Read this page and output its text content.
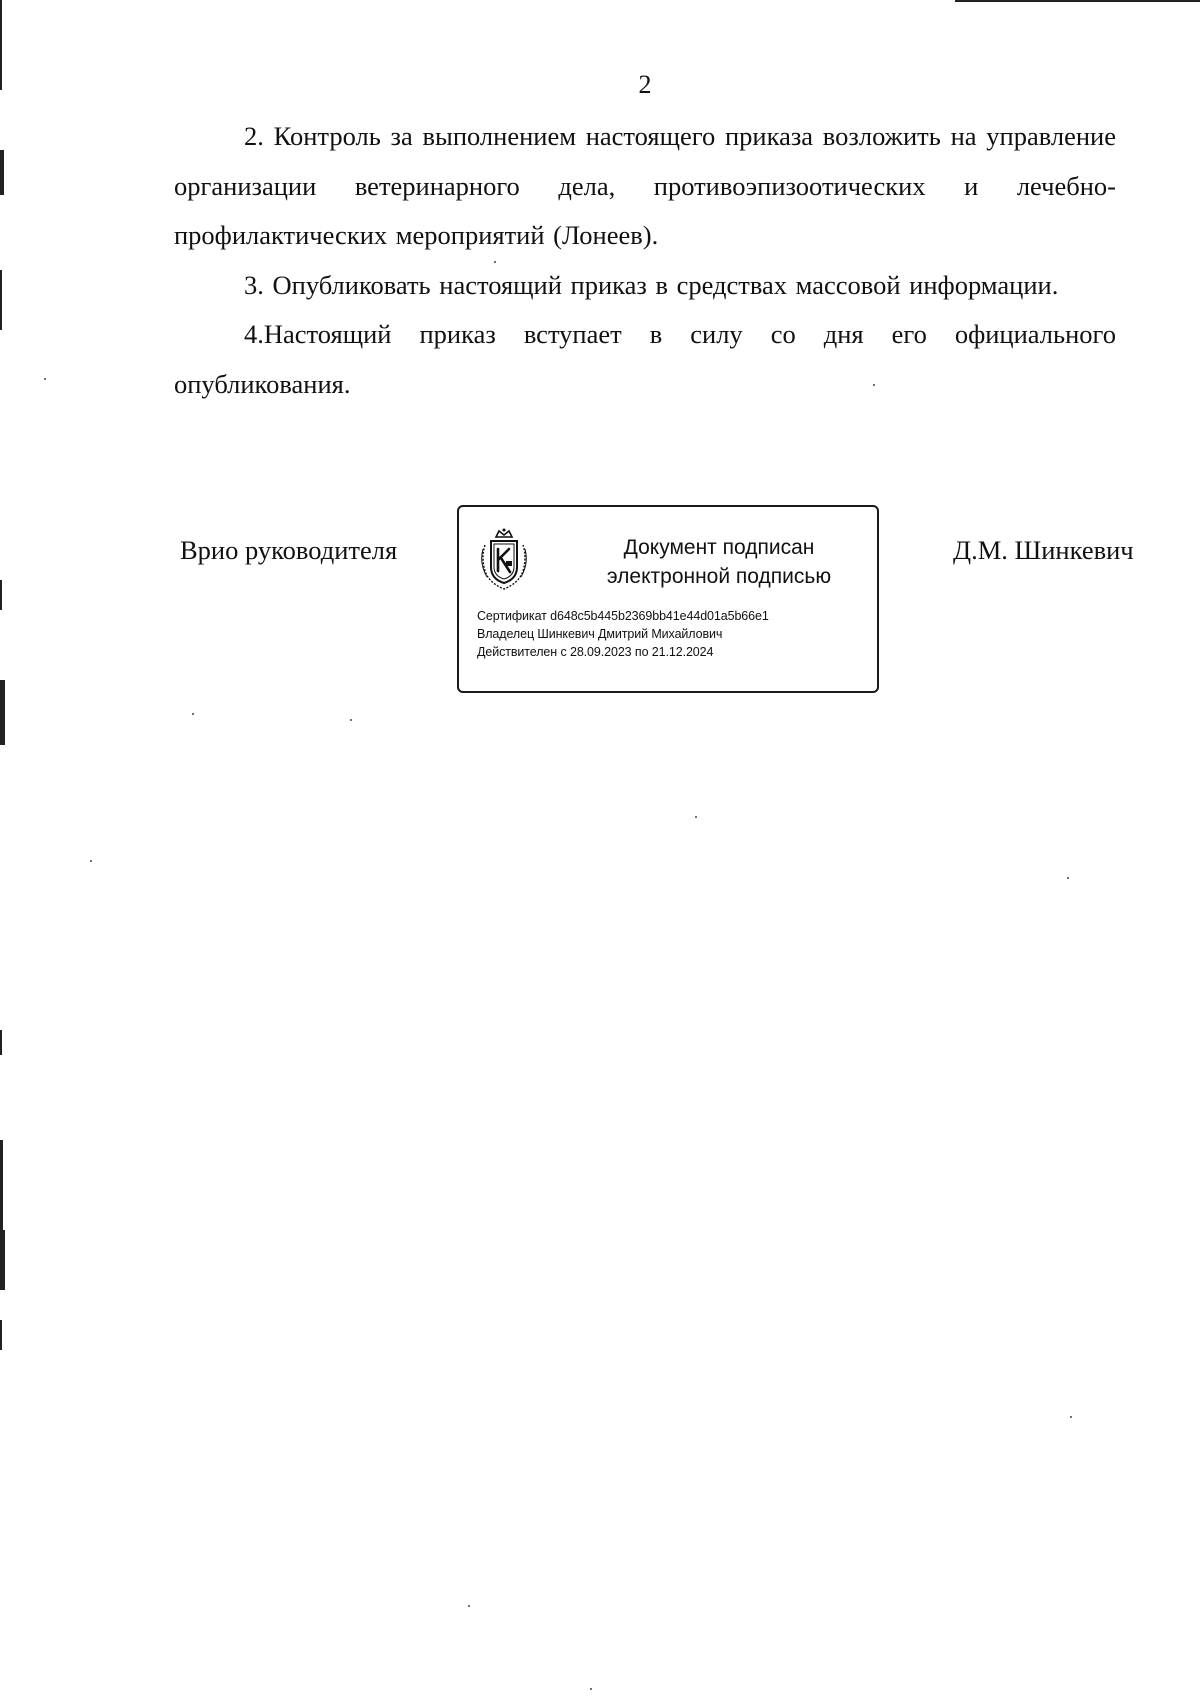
2

2. Контроль за выполнением настоящего приказа возложить на управление организации ветеринарного дела, противоэпизоотических и лечебно-профилактических мероприятий (Лонеев).

3. Опубликовать настоящий приказ в средствах массовой информации.

4.Настоящий приказ вступает в силу со дня его официального опубликования.

Врио руководителя	Документ подписан
электронной подписью
Сертификат d648c5b445b2369bb41e44d01a5b66e1
Владелец Шинкевич Дмитрий Михайлович
Действителен с 28.09.2023 по 21.12.2024
Д.М. Шинкевич
